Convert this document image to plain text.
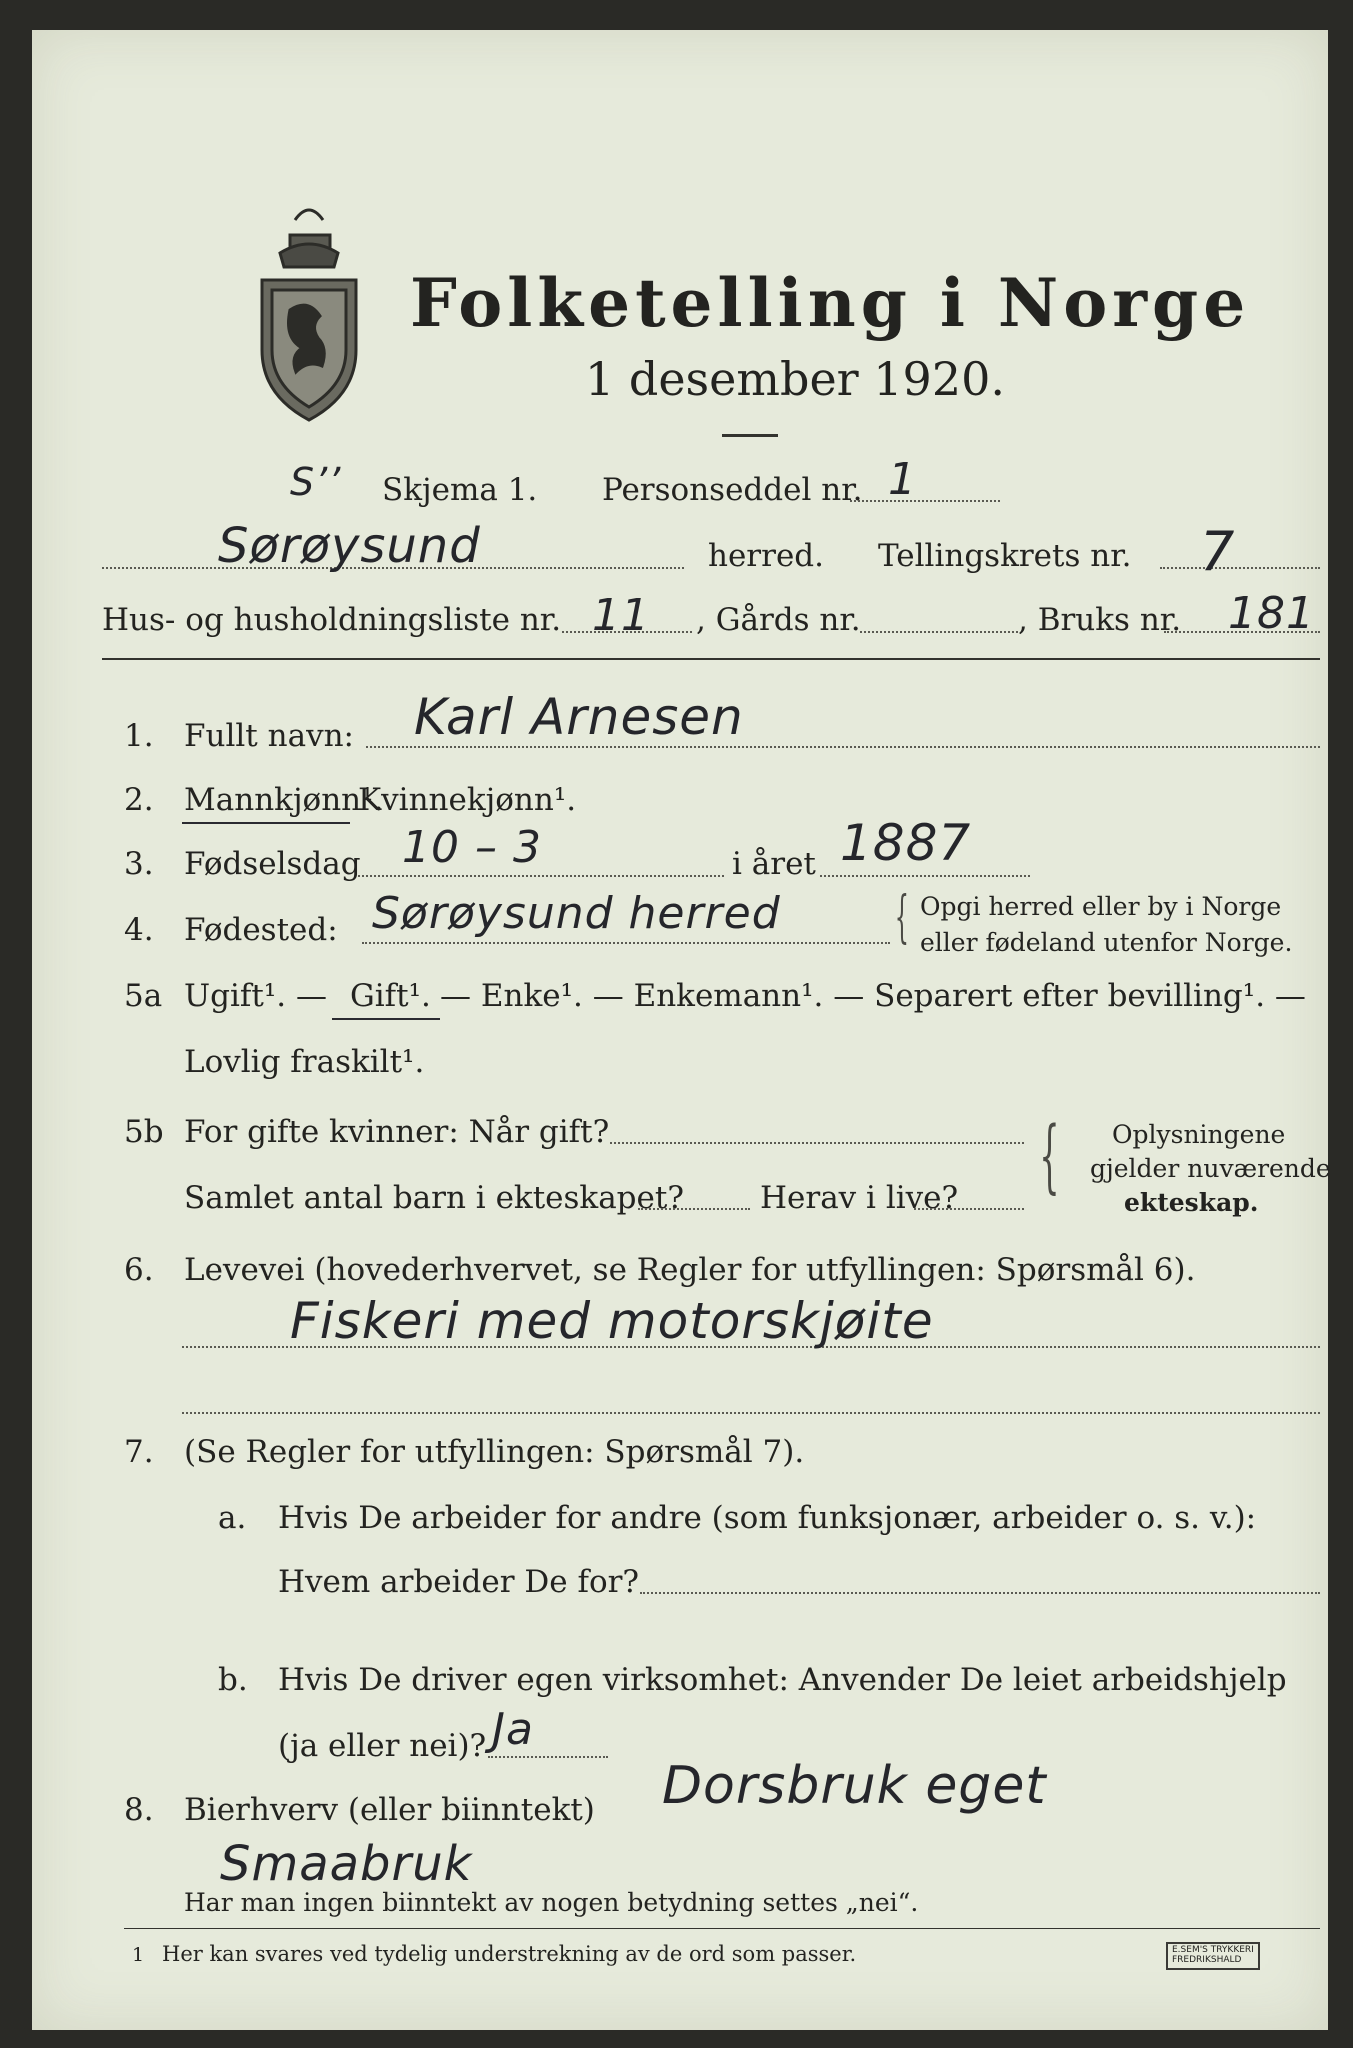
Folketelling i Norge
1 desember 1920.
S’’ Skjema 1. Personseddel nr. 1
Sørøysund	herred. Tellingskrets nr. 7
Hus- og husholdningsliste nr. 11 , Gårds nr.	, Bruks nr. 181
1. Fullt navn: Karl Arnesen
2. Mannkjønn¹.
Kvinnekjønn¹.
3. Fødselsdag 10 – 3	i året 1887
4. Fødested: Sørøysund herred { Opgi herred eller by i Norge
eller fødeland utenfor Norge.
5a Ugift¹. — Gift¹. — Enke¹. — Enkemann¹. — Separert efter bevilling¹. —
Lovlig fraskilt¹.
5b For gifte kvinner: Når gift?
Samlet antal barn i ekteskapet? Herav i live? { Oplysningene
gjelder nuværende
ekteskap.
6. Levevei (hovederhvervet, se Regler for utfyllingen: Spørsmål 6).
Fiskeri med motorskjøite
7. (Se Regler for utfyllingen: Spørsmål 7).
a. Hvis De arbeider for andre (som funksjonær, arbeider o. s. v.):
Hvem arbeider De for?
b. Hvis De driver egen virksomhet: Anvender De leiet arbeidshjelp
(ja eller nei)? Ja
8. Bierhverv (eller biinntekt) Dorsbruk eget
Smaabruk
Har man ingen biinntekt av nogen betydning settes „nei“.
1 Her kan svares ved tydelig understrekning av de ord som passer.	E.SEM'S TRYKKERI
FREDRIKSHALD
